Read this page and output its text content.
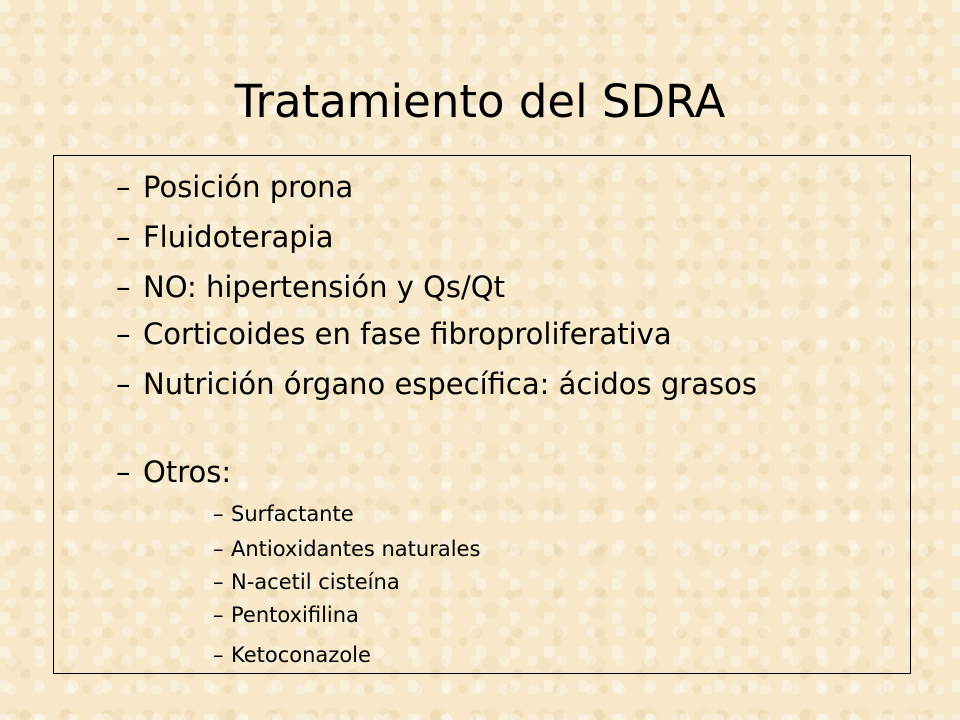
Tratamiento del SDRA
– Posición prona
– Fluidoterapia
– NO: hipertensión y Qs/Qt
– Corticoides en fase fibroproliferativa
– Nutrición órgano específica: ácidos grasos
– Otros:
– Surfactante
– Antioxidantes naturales
– N-acetil cisteína
– Pentoxifilina
– Ketoconazole
